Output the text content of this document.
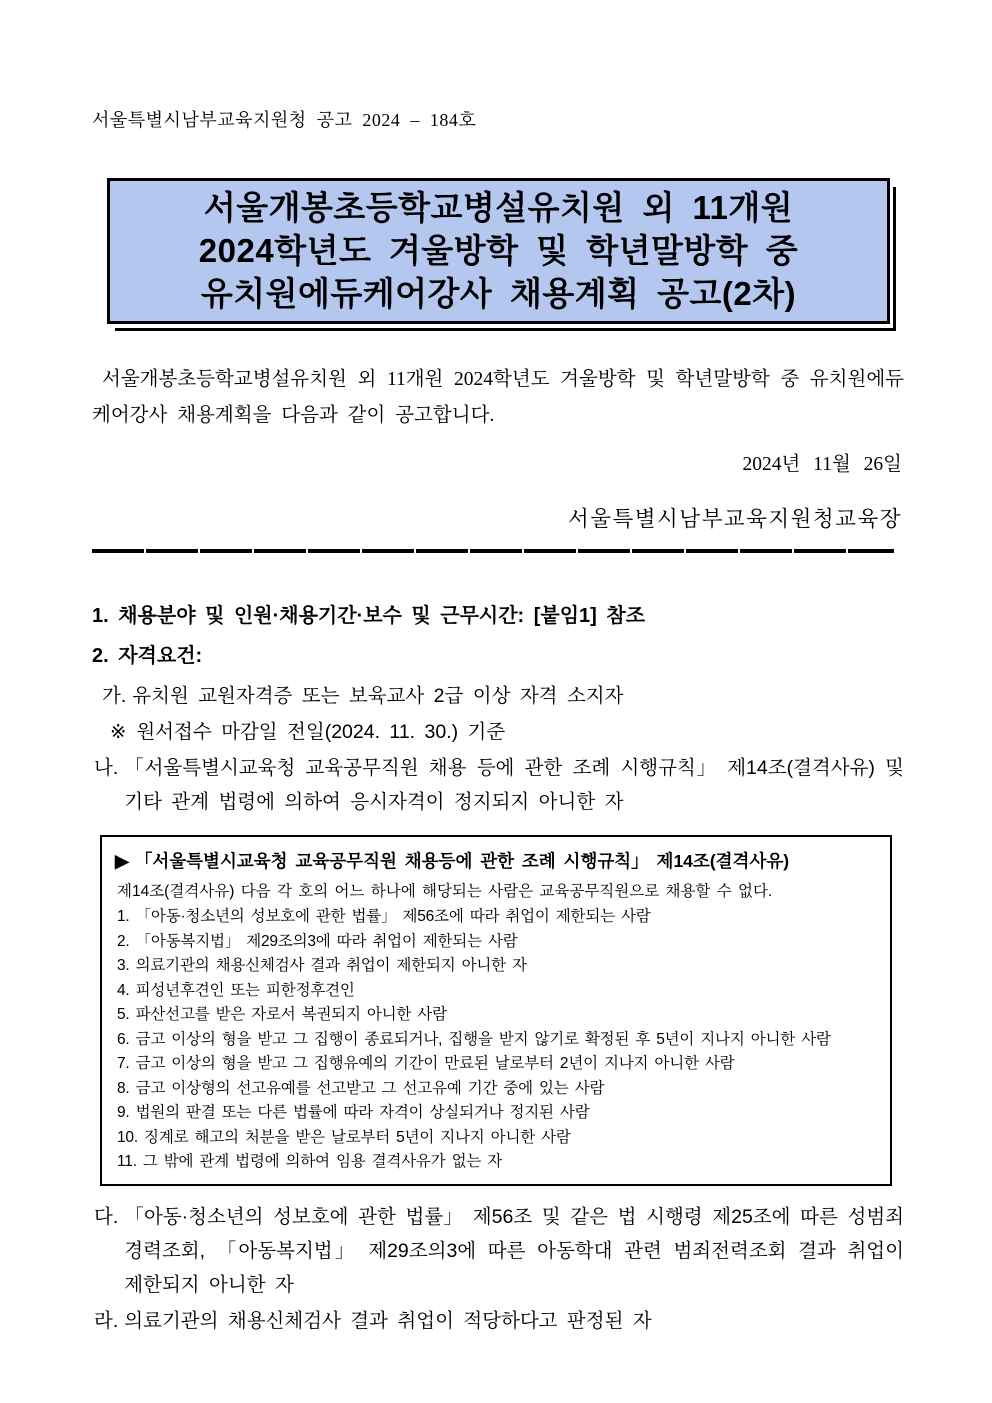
서울특별시남부교육지원청 공고 2024 – 184호
서울개봉초등학교병설유치원 외 11개원
2024학년도 겨울방학 및 학년말방학 중
유치원에듀케어강사 채용계획 공고(2차)

서울개봉초등학교병설유치원 외 11개원 2024학년도 겨울방학 및 학년말방학 중 유치원에듀케어강사 채용계획을 다음과 같이 공고합니다.

2024년 11월 26일
서울특별시남부교육지원청교육장
1. 채용분야 및 인원·채용기간·보수 및 근무시간: [붙임1] 참조
2. 자격요건:
가. 유치원 교원자격증 또는 보육교사 2급 이상 자격 소지자
※ 원서접수 마감일 전일(2024. 11. 30.) 기준
나. 「서울특별시교육청 교육공무직원 채용 등에 관한 조례 시행규칙」 제14조(결격사유) 및 기타 관계 법령에 의하여 응시자격이 정지되지 아니한 자
▶ 「서울특별시교육청 교육공무직원 채용등에 관한 조례 시행규칙」 제14조(결격사유)
제14조(결격사유) 다음 각 호의 어느 하나에 해당되는 사람은 교육공무직원으로 채용할 수 없다.
1. 「아동·청소년의 성보호에 관한 법률」 제56조에 따라 취업이 제한되는 사람
2. 「아동복지법」 제29조의3에 따라 취업이 제한되는 사람
3. 의료기관의 채용신체검사 결과 취업이 제한되지 아니한 자
4. 피성년후견인 또는 피한정후견인
5. 파산선고를 받은 자로서 복권되지 아니한 사람
6. 금고 이상의 형을 받고 그 집행이 종료되거나, 집행을 받지 않기로 확정된 후 5년이 지나지 아니한 사람
7. 금고 이상의 형을 받고 그 집행유예의 기간이 만료된 날로부터 2년이 지나지 아니한 사람
8. 금고 이상형의 선고유예를 선고받고 그 선고유예 기간 중에 있는 사람
9. 법원의 판결 또는 다른 법률에 따라 자격이 상실되거나 정지된 사람
10. 징계로 해고의 처분을 받은 날로부터 5년이 지나지 아니한 사람
11. 그 밖에 관계 법령에 의하여 임용 결격사유가 없는 자
다. 「아동·청소년의 성보호에 관한 법률」 제56조 및 같은 법 시행령 제25조에 따른 성범죄경력조회, 「아동복지법」 제29조의3에 따른 아동학대 관련 범죄전력조회 결과 취업이 제한되지 아니한 자
라. 의료기관의 채용신체검사 결과 취업이 적당하다고 판정된 자
